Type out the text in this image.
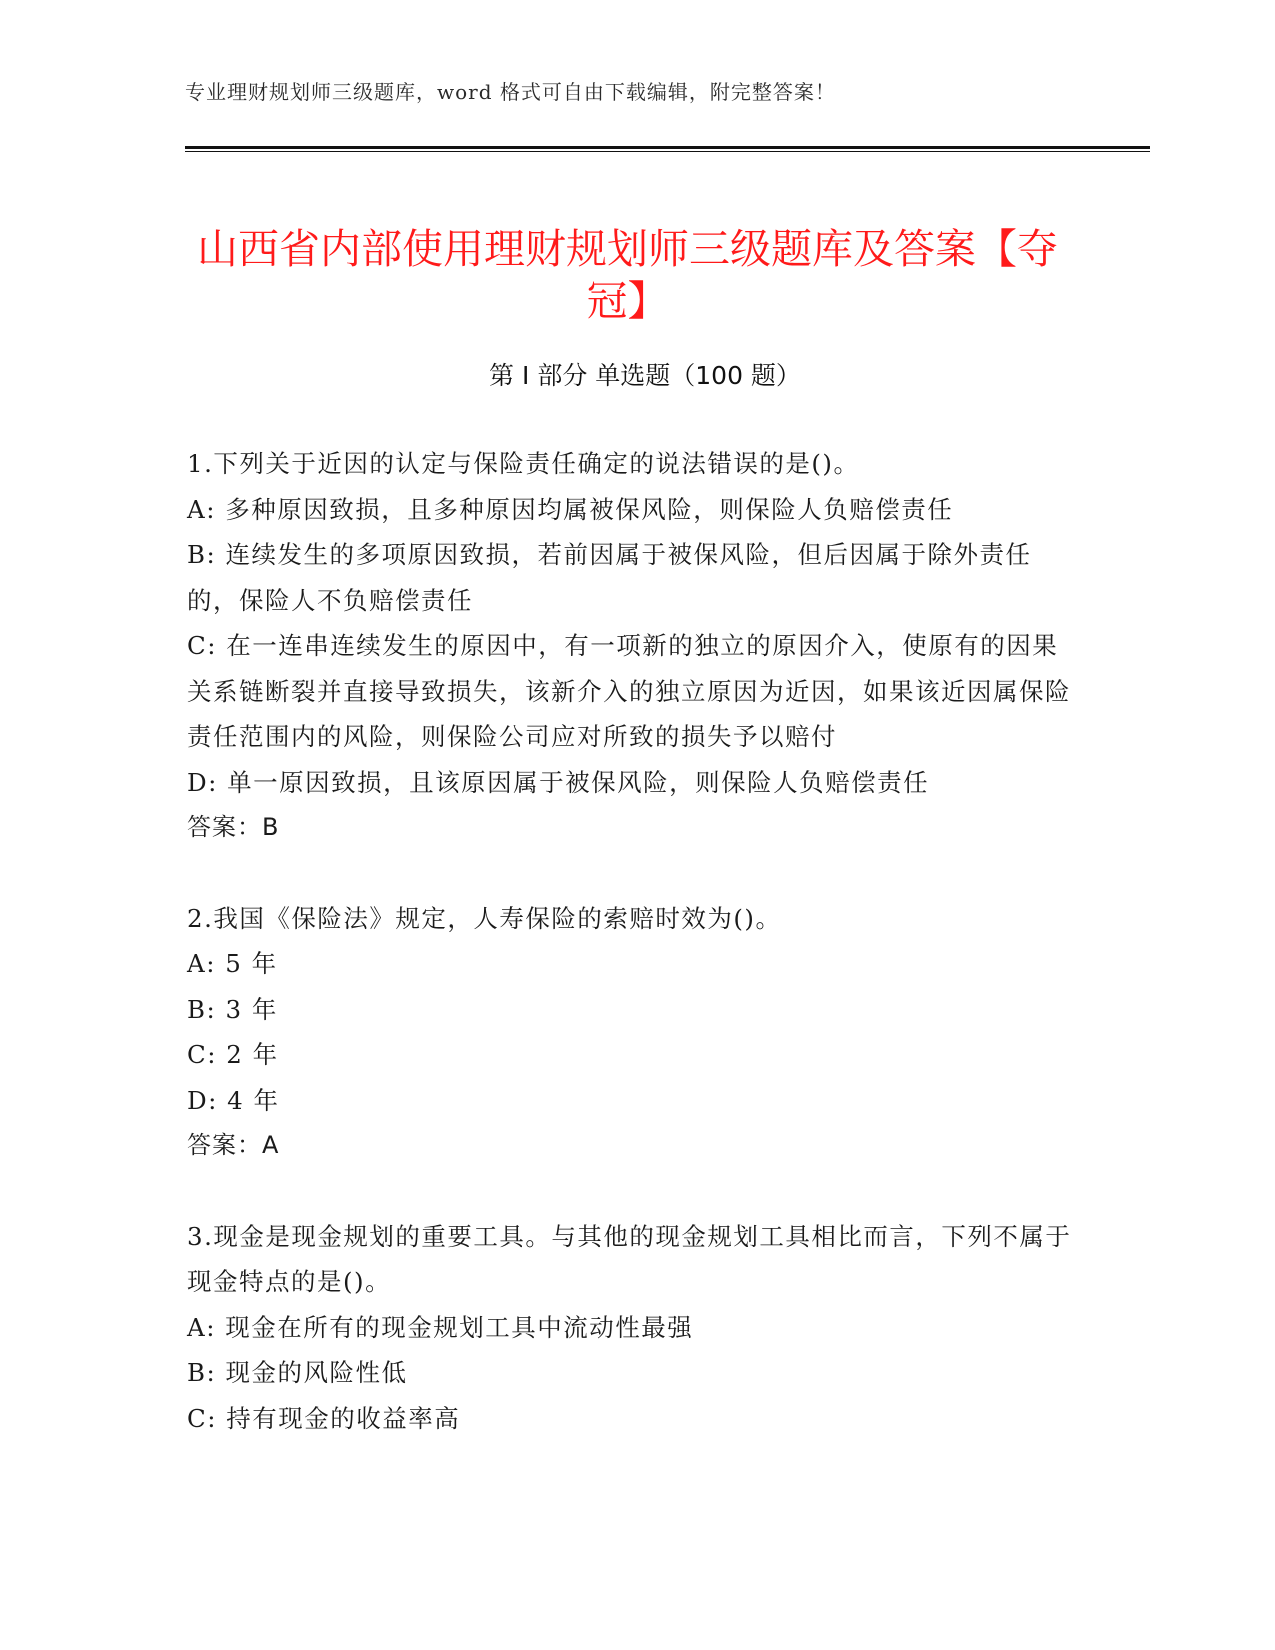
专业理财规划师三级题库，word 格式可自由下载编辑，附完整答案！
山西省内部使用理财规划师三级题库及答案【夺冠】
第 I 部分 单选题（100 题）

1.下列关于近因的认定与保险责任确定的说法错误的是()。

A: 多种原因致损，且多种原因均属被保风险，则保险人负赔偿责任

B: 连续发生的多项原因致损，若前因属于被保风险，但后因属于除外责任的，保险人不负赔偿责任

C: 在一连串连续发生的原因中，有一项新的独立的原因介入，使原有的因果关系链断裂并直接导致损失，该新介入的独立原因为近因，如果该近因属保险责任范围内的风险，则保险公司应对所致的损失予以赔付

D: 单一原因致损，且该原因属于被保风险，则保险人负赔偿责任

答案：B

2.我国《保险法》规定，人寿保险的索赔时效为()。

A: 5 年

B: 3 年

C: 2 年

D: 4 年

答案：A

3.现金是现金规划的重要工具。与其他的现金规划工具相比而言，下列不属于现金特点的是()。

A: 现金在所有的现金规划工具中流动性最强

B: 现金的风险性低

C: 持有现金的收益率高
